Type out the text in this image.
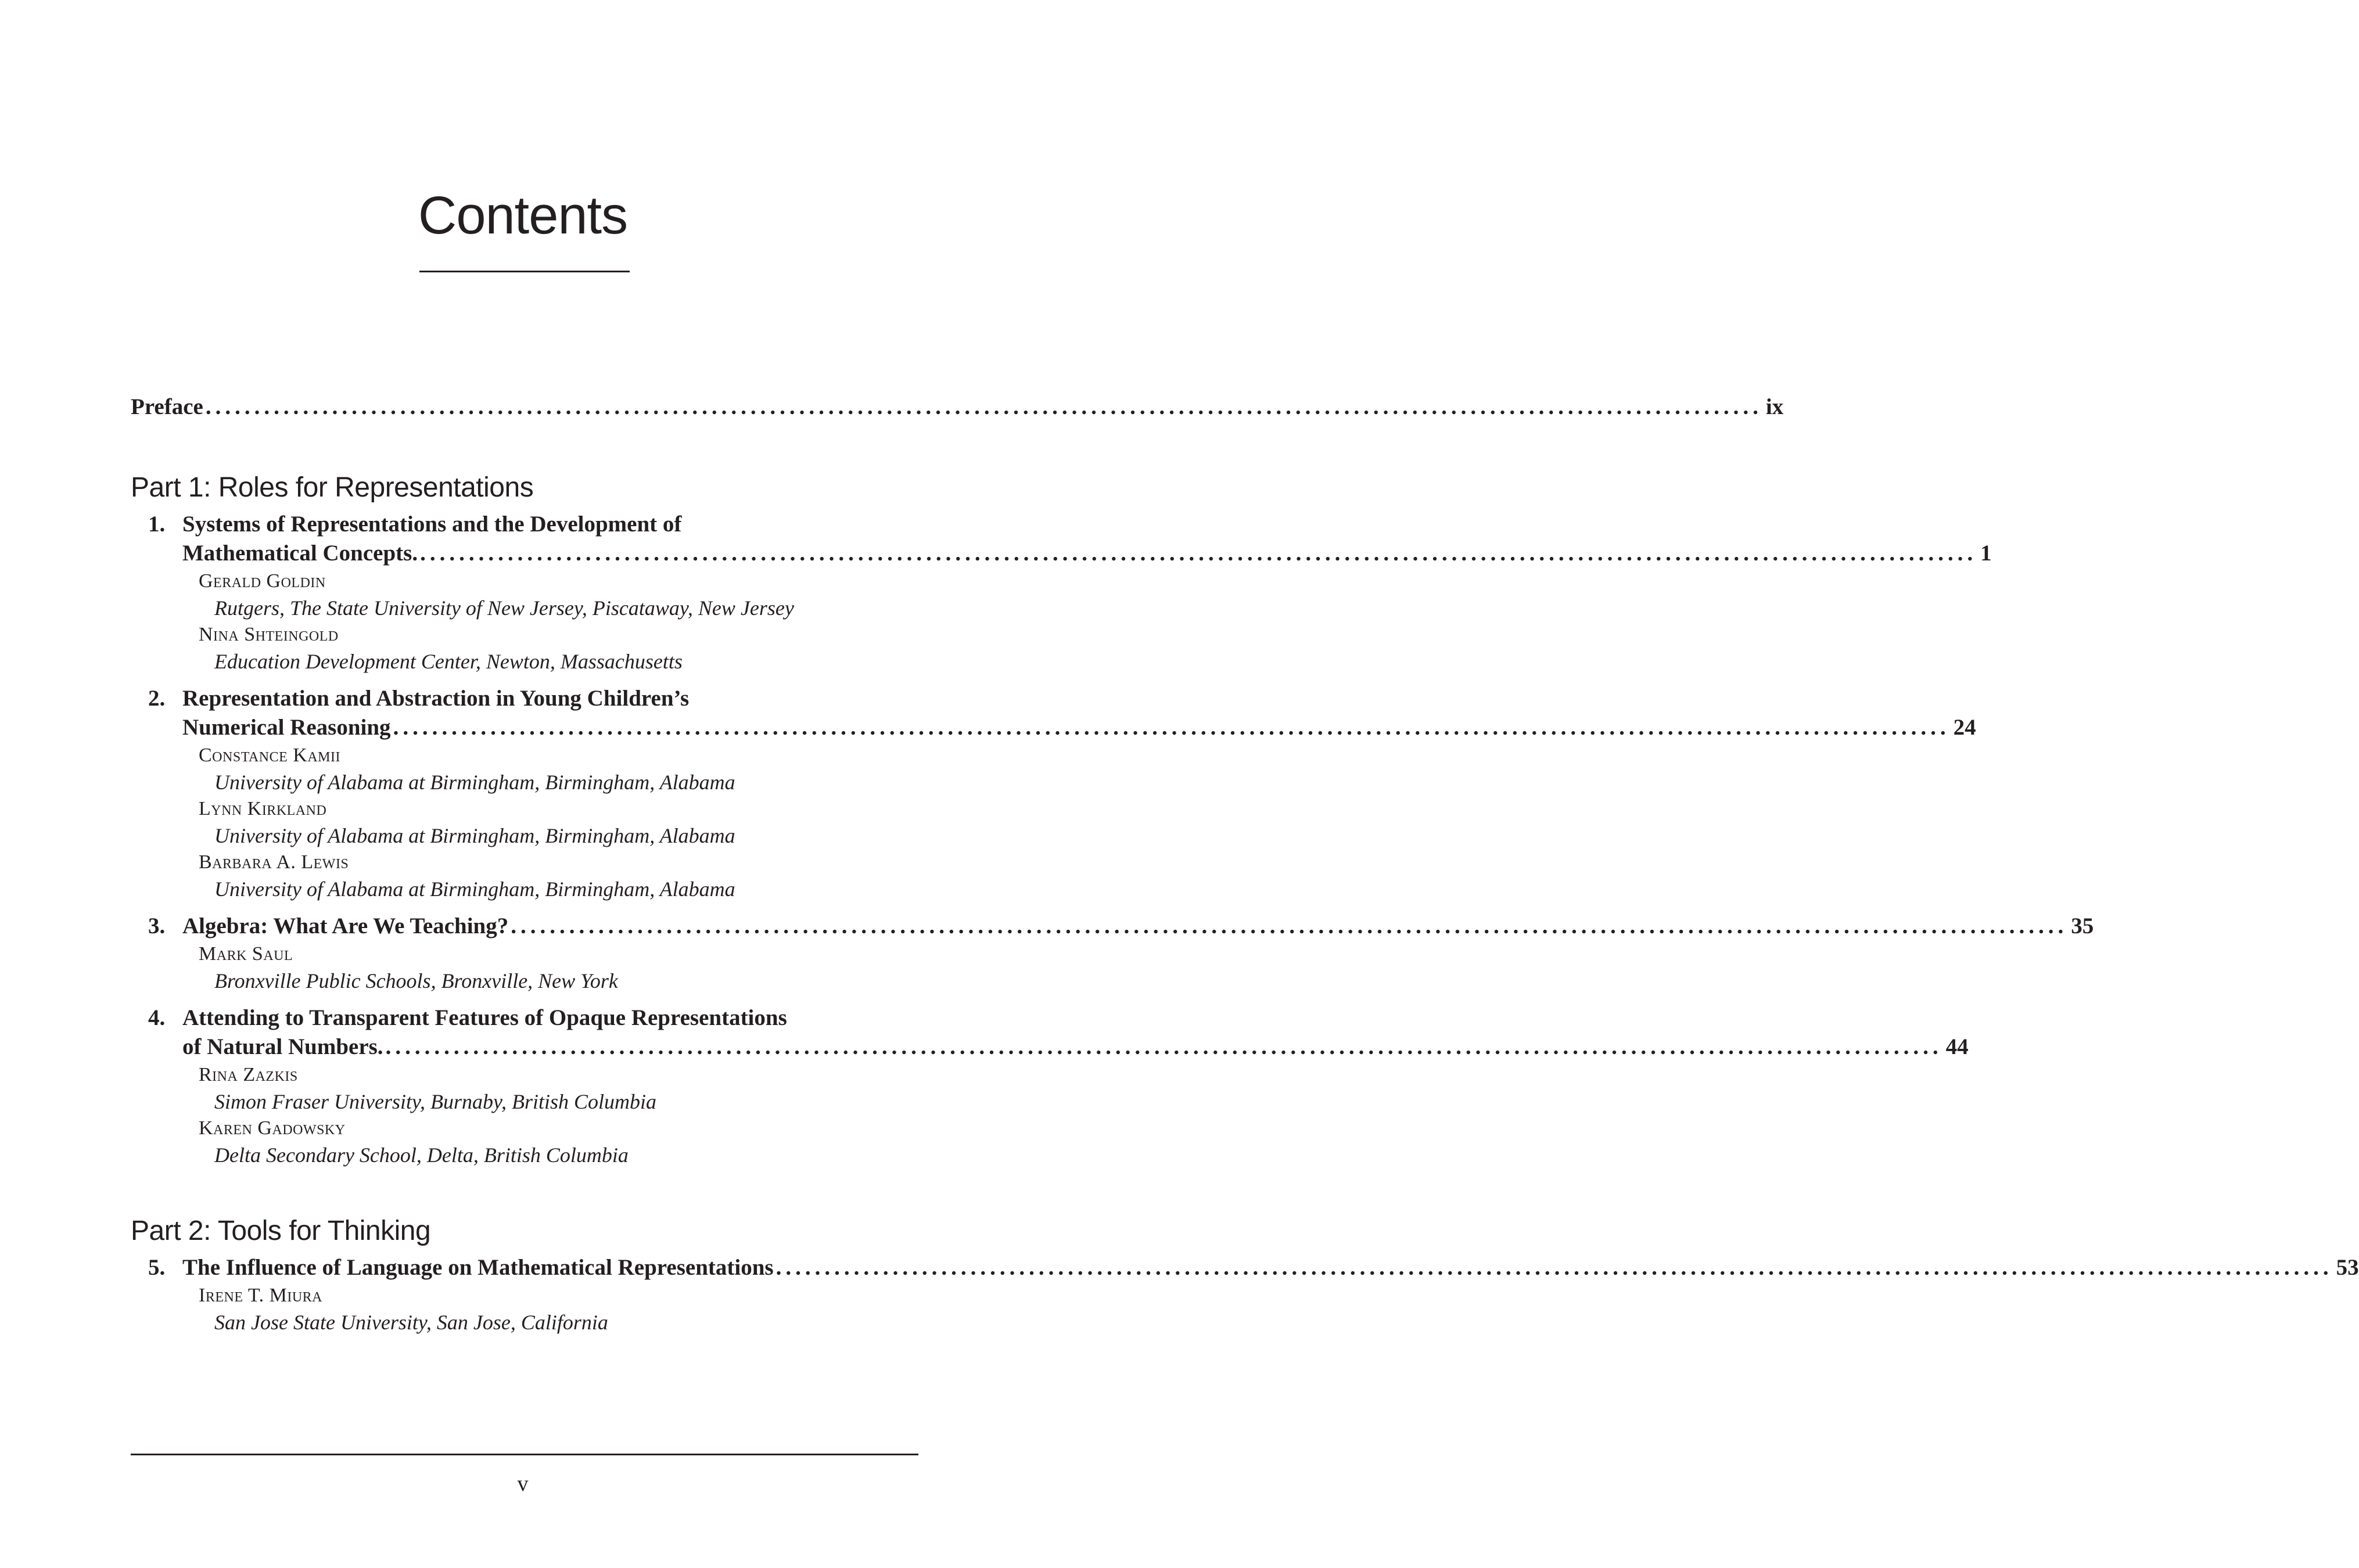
Contents
Preface ................................................................................................................................................................ ix
Part 1: Roles for Representations
1. Systems of Representations and the Development of
Mathematical Concepts. ................................................................................................................................................................ 1
Gerald Goldin
Rutgers, The State University of New Jersey, Piscataway, New Jersey
Nina Shteingold
Education Development Center, Newton, Massachusetts
2. Representation and Abstraction in Young Children’s
Numerical Reasoning ................................................................................................................................................................ 24
Constance Kamii
University of Alabama at Birmingham, Birmingham, Alabama
Lynn Kirkland
University of Alabama at Birmingham, Birmingham, Alabama
Barbara A. Lewis
University of Alabama at Birmingham, Birmingham, Alabama
3. Algebra: What Are We Teaching? ................................................................................................................................................................ 35
Mark Saul
Bronxville Public Schools, Bronxville, New York
4. Attending to Transparent Features of Opaque Representations
of Natural Numbers. ................................................................................................................................................................ 44
Rina Zazkis
Simon Fraser University, Burnaby, British Columbia
Karen Gadowsky
Delta Secondary School, Delta, British Columbia
Part 2: Tools for Thinking
5. The Influence of Language on Mathematical Representations ................................................................................................................................................................ 53
Irene T. Miura
San Jose State University, San Jose, California
v
